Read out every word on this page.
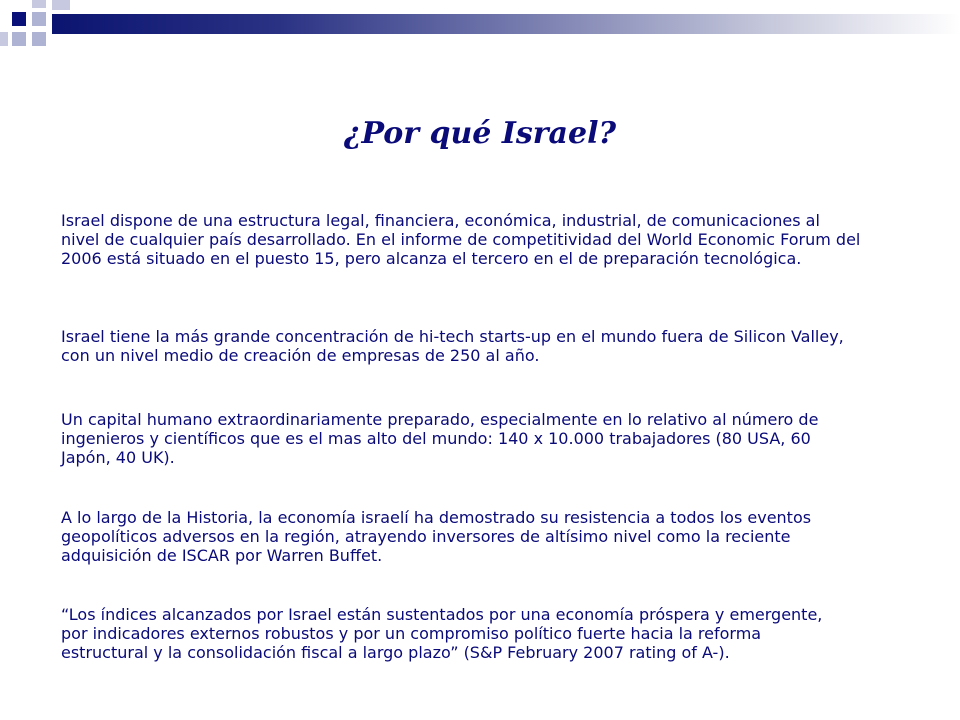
¿Por qué Israel?

Israel dispone de una estructura legal, financiera, económica, industrial, de comunicaciones al nivel de cualquier país desarrollado. En el informe de competitividad del World Economic Forum del 2006 está situado en el puesto 15, pero alcanza el tercero en el de preparación tecnológica.

Israel tiene la más grande concentración de hi-tech starts-up en el mundo fuera de Silicon Valley, con un nivel medio de creación de empresas de 250 al año.

Un capital humano extraordinariamente preparado, especialmente en lo relativo al número de ingenieros y científicos que es el mas alto del mundo: 140 x 10.000 trabajadores (80 USA, 60 Japón, 40 UK).

A lo largo de la Historia, la economía israelí ha demostrado su resistencia a todos los eventos geopolíticos adversos en la región, atrayendo inversores de altísimo nivel como la reciente adquisición de ISCAR por Warren Buffet.

“Los índices alcanzados por Israel están sustentados por una economía próspera y emergente, por indicadores externos robustos y por un compromiso político fuerte hacia la reforma estructural y la consolidación fiscal a largo plazo” (S&P February 2007 rating of A-).
